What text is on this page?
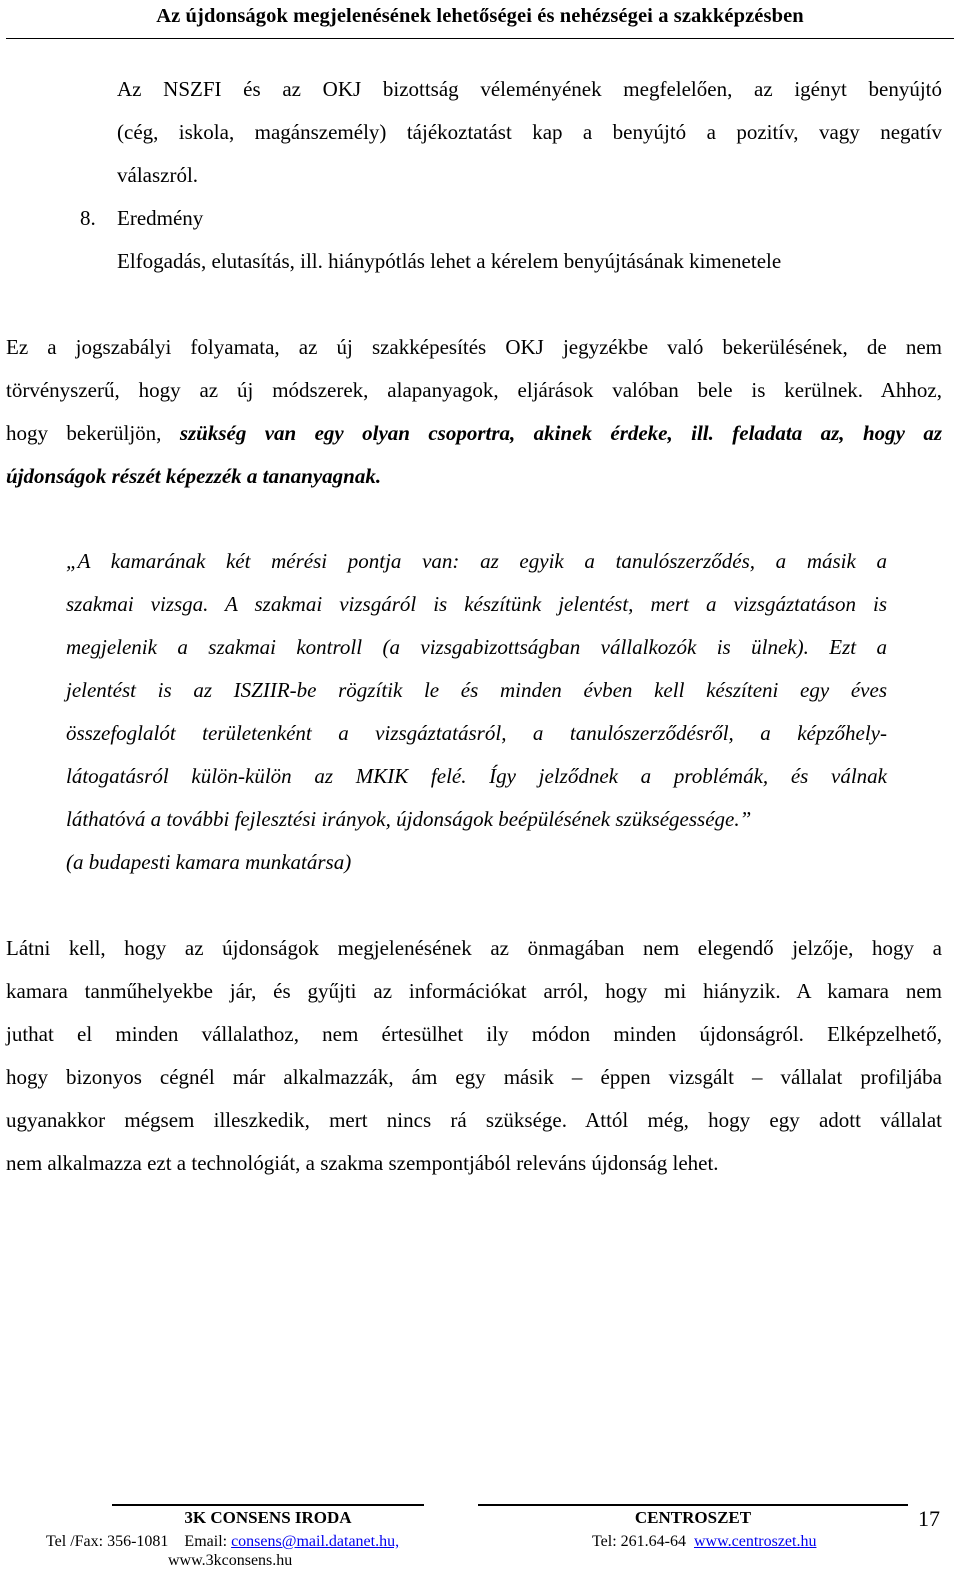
Az újdonságok megjelenésének lehetőségei és nehézségei a szakképzésben

Az NSZFI és az OKJ bizottság véleményének megfelelően, az igényt benyújtó

(cég, iskola, magánszemély) tájékoztatást kap a benyújtó a pozitív, vagy negatív

válaszról.

8. Eredmény

Elfogadás, elutasítás, ill. hiánypótlás lehet a kérelem benyújtásának kimenetele

Ez a jogszabályi folyamata, az új szakképesítés OKJ jegyzékbe való bekerülésének, de nem

törvényszerű, hogy az új módszerek, alapanyagok, eljárások valóban bele is kerülnek. Ahhoz,

hogy bekerüljön, szükség van egy olyan csoportra, akinek érdeke, ill. feladata az, hogy az

újdonságok részét képezzék a tananyagnak.

„A kamarának két mérési pontja van: az egyik a tanulószerződés, a másik a

szakmai vizsga. A szakmai vizsgáról is készítünk jelentést, mert a vizsgáztatáson is

megjelenik a szakmai kontroll (a vizsgabizottságban vállalkozók is ülnek). Ezt a

jelentést is az ISZIIR-be rögzítik le és minden évben kell készíteni egy éves

összefoglalót területenként a vizsgáztatásról, a tanulószerződésről, a képzőhely-

látogatásról külön-külön az MKIK felé. Így jelződnek a problémák, és válnak

láthatóvá a további fejlesztési irányok, újdonságok beépülésének szükségessége.”

(a budapesti kamara munkatársa)

Látni kell, hogy az újdonságok megjelenésének az önmagában nem elegendő jelzője, hogy a

kamara tanműhelyekbe jár, és gyűjti az információkat arról, hogy mi hiányzik. A kamara nem

juthat el minden vállalathoz, nem értesülhet ily módon minden újdonságról. Elképzelhető,

hogy bizonyos cégnél már alkalmazzák, ám egy másik – éppen vizsgált – vállalat profiljába

ugyanakkor mégsem illeszkedik, mert nincs rá szüksége. Attól még, hogy egy adott vállalat

nem alkalmazza ezt a technológiát, a szakma szempontjából releváns újdonság lehet.

3K CONSENS IRODA
Tel /Fax: 356-1081 Email: consens@mail.datanet.hu,
www.3kconsens.hu
CENTROSZET
Tel: 261.64-64 www.centroszet.hu
17
